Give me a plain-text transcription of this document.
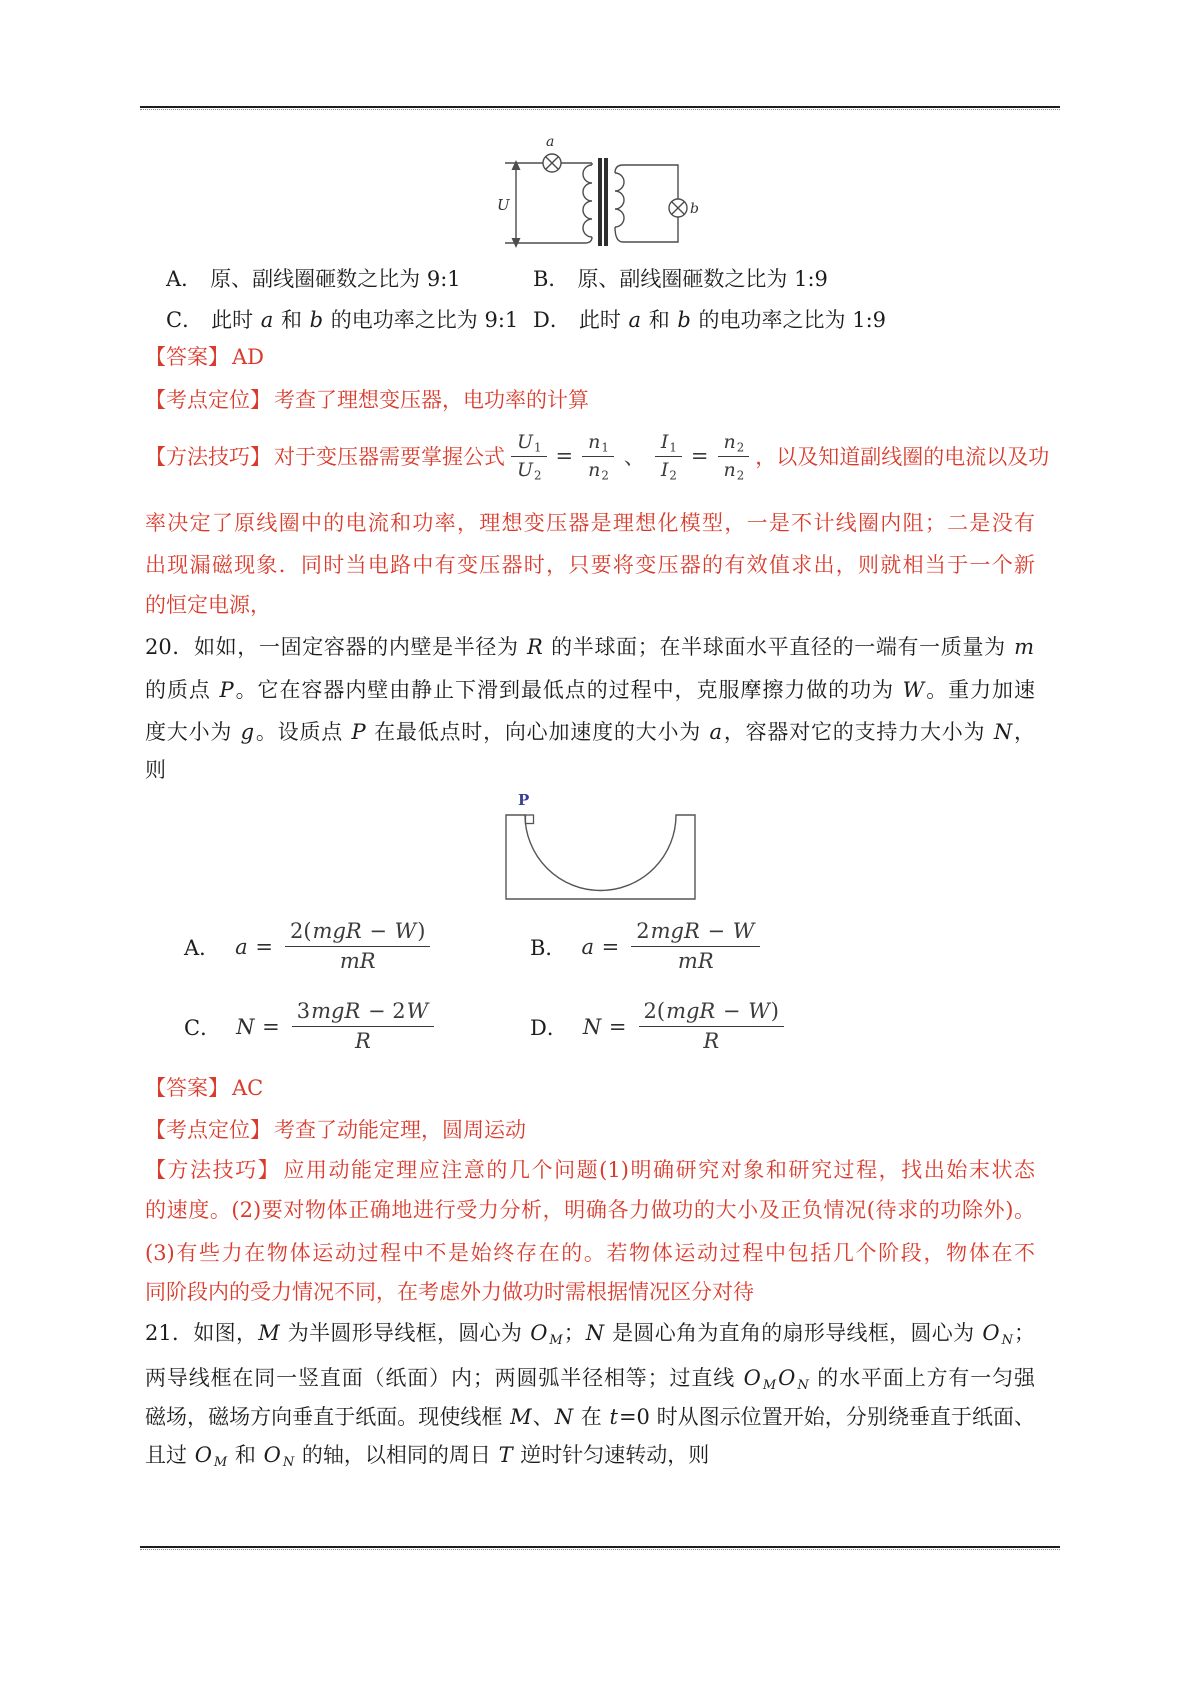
U
a
b
A． 原、副线圈砸数之比为 9:1	B． 原、副线圈砸数之比为 1:9
C． 此时 a 和 b 的电功率之比为 9:1 D． 此时 a 和 b 的电功率之比为 1:9
【答案】 AD
【考点定位】 考查了理想变压器，电功率的计算
【方法技巧】 对于变压器需要掌握公式 $\frac{U_1}{U_2} = \frac{n_1}{n_2}$ 、 $\frac{I_1}{I_2} = \frac{n_2}{n_2}$ ，以及知道副线圈的电流以及功
率决定了原线圈中的电流和功率，理想变压器是理想化模型，一是不计线圈内阻；二是没有
出现漏磁现象．同时当电路中有变压器时，只要将变压器的有效值求出，则就相当于一个新
的恒定电源，
20．如如，一固定容器的内壁是半径为 R 的半球面；在半球面水平直径的一端有一质量为 m
的质点 P。它在容器内壁由静止下滑到最低点的过程中，克服摩擦力做的功为 W。重力加速
度大小为 g。设质点 P 在最低点时，向心加速度的大小为 a，容器对它的支持力大小为 N，
则
P
A． $a = \frac{\text{2(mgR − W)}}{mR}$	B． $a = \frac{\text{2mgR − W}}{mR}$
C． $N = \frac{\text{3mgR − 2W}}{R}$	D． $N = \frac{\text{2(mgR − W)}}{R}$
【答案】 AC
【考点定位】 考查了动能定理，圆周运动
【方法技巧】 应用动能定理应注意的几个问题(1)明确研究对象和研究过程，找出始末状态
的速度。(2)要对物体正确地进行受力分析，明确各力做功的大小及正负情况(待求的功除外)。
(3)有些力在物体运动过程中不是始终存在的。若物体运动过程中包括几个阶段，物体在不
同阶段内的受力情况不同，在考虑外力做功时需根据情况区分对待
21．如图，M 为半圆形导线框，圆心为 O $_M$；N 是圆心角为直角的扇形导线框，圆心为 O $_N$；
两导线框在同一竖直面（纸面）内；两圆弧半径相等；过直线 O $_M$O $_N$ 的水平面上方有一匀强
磁场，磁场方向垂直于纸面。现使线框 M、N 在 t=0 时从图示位置开始，分别绕垂直于纸面、
且过 O $_M$ 和 O $_N$ 的轴，以相同的周日 T 逆时针匀速转动，则
